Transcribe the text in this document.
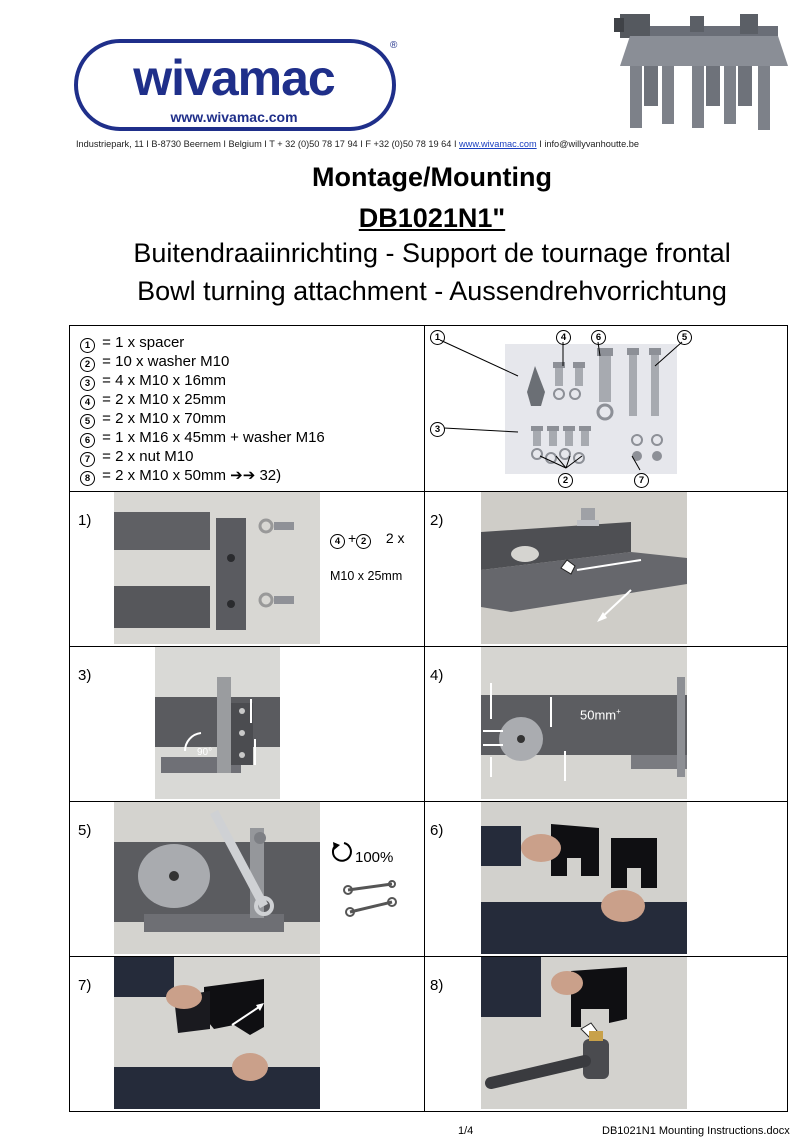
wivamac
www.wivamac.com
®
Industriepark, 11 I B-8730 Beernem I Belgium I T + 32 (0)50 78 17 94 I F +32 (0)50 78 19 64 I www.wivamac.com I info@willyvanhoutte.be
Montage/Mounting
DB1021N1"
Buitendraaiinrichting - Support de tournage frontal
Bowl turning attachment - Aussendrehvorrichtung
1 = 1 x spacer
2 = 10 x washer M10
3 = 4 x M10 x 16mm
4 = 2 x M10 x 25mm
5 = 2 x M10 x 70mm
6 = 1 x M16 x 45mm + washer M16
7 = 2 x nut M10
8 = 2 x M10 x 50mm ➔➔ 32)
1	4	6	5
3
2	7
1)	2)
3)	4)
5)	6)
7)	8)
4 + 2 2 x
M10 x 25mm
90°
50mm+
100%
1/4	DB1021N1 Mounting Instructions.docx
